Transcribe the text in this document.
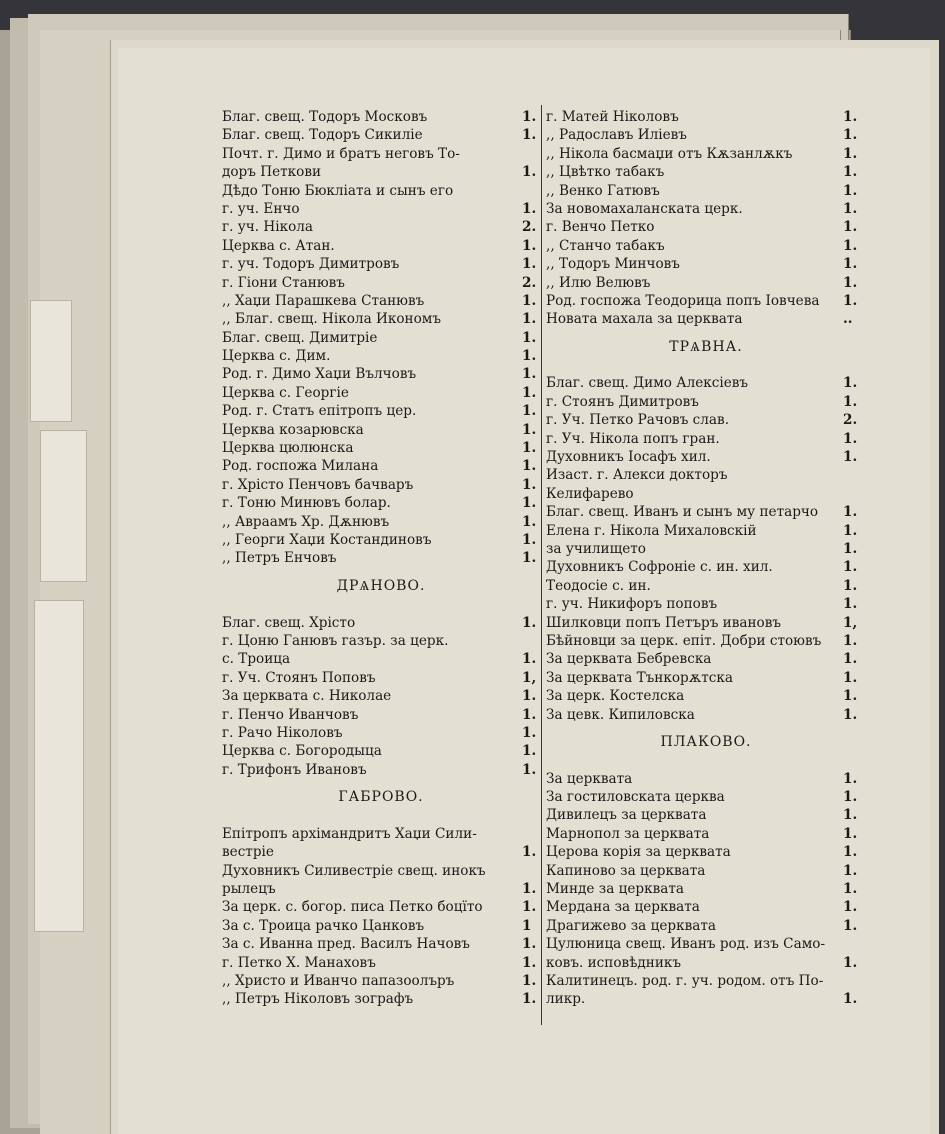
Благ. свещ. Тодоръ Московъ	1.
Благ. свещ. Тодоръ Сикиліе	1.
Почт. г. Димо и братъ неговъ То-
доръ Петкови	1.
Дѣдо Тоню Бюкліата и сынъ его
г. уч. Енчо	1.
г. уч. Нікола	2.
Церква с. Атан.	1.
г. уч. Тодоръ Димитровъ	1.
г. Гіони Станювъ	2.
,, Хаџи Парашкева Станювъ	1.
,, Благ. свещ. Нікола Икономъ	1.
Благ. свещ. Димитріе	1.
Церква с. Дим.	1.
Род. г. Димо Хаџи Вълчовъ	1.
Церква с. Георгіе	1.
Род. г. Статъ епітропъ цер.	1.
Церква козарювска	1.
Церква цюлюнска	1.
Род. госпожа Милана	1.
г. Хрісто Пенчовъ бачваръ	1.
г. Тоню Минювъ болар.	1.
,, Авраамъ Хр. Дѫнювъ	1.
,, Георги Хаџи Костандиновъ	1.
,, Петръ Енчовъ	1.
ДРѦНОВО.
Благ. свещ. Хрісто	1.
г. Цоню Ганювъ газър. за церк.
с. Троица	1.
г. Уч. Стоянъ Поповъ	1,
За церквата с. Николае	1.
г. Пенчо Иванчовъ	1.
г. Рачо Ніколовъ	1.
Церква с. Богородыца	1.
г. Трифонъ Ивановъ	1.
ГАБРОВО.
Епітропъ архімандритъ Хаџи Сили-
вестріе	1.
Духовникъ Силивестріе свещ. инокъ
рылецъ	1.
За церк. с. богор. писа Петко боцїто	1.
За с. Троица рачко Цанковъ	1
За с. Иванна пред. Василъ Начовъ	1.
г. Петко Х. Манаховъ	1.
,, Христо и Иванчо папазоолъръ	1.
,, Петръ Ніколовъ зографъ	1.
г. Матей Ніколовъ	1.
,, Радославъ Иліевъ	1.
,, Нікола басмаџи отъ Кѫзанлѫкъ	1.
,, Цвѣтко табакъ	1.
,, Венко Гатювъ	1.
За новомахаланската церк.	1.
г. Венчо Петко	1.
,, Станчо табакъ	1.
,, Тодоръ Минчовъ	1.
,, Илю Велювъ	1.
Род. госпожа Теодорица попъ Іовчева 1.
Новата махала за церквата	..
ТРѦВНА.
Благ. свещ. Димо Алексіевъ	1.
г. Стоянъ Димитровъ	1.
г. Уч. Петко Рачовъ слав.	2.
г. Уч. Нікола попъ гран.	1.
Духовникъ Іосафъ хил.	1.
Изаст. г. Алекси докторъ
Келифарево
Благ. свещ. Иванъ и сынъ му петарчо 1.
Елена г. Нікола Михаловскій	1.
за училището	1.
Духовникъ Софроніе с. ин. хил.	1.
Теодосіе с. ин.	1.
г. уч. Никифоръ поповъ	1.
Шилковци попъ Петъръ ивановъ	1,
Бѣйновци за церк. епіт. Добри стоювъ 1.
За церквата Бебревска	1.
За церквата Тънкорѫтска	1.
За церк. Костелска	1.
За цевк. Кипиловска	1.
ПЛАКОВО.
За церквата	1.
За гостиловската церква	1.
Дивилецъ за церквата	1.
Марнопол за церквата	1.
Церова корія за церквата	1.
Капиново за церквата	1.
Минде за церквата	1.
Мердана за церквата	1.
Драгижево за церквата	1.
Цулюница свещ. Иванъ род. изъ Само-
ковъ. исповѣдникъ	1.
Калитинецъ. род. г. уч. родом. отъ По-
ликр.	1.
